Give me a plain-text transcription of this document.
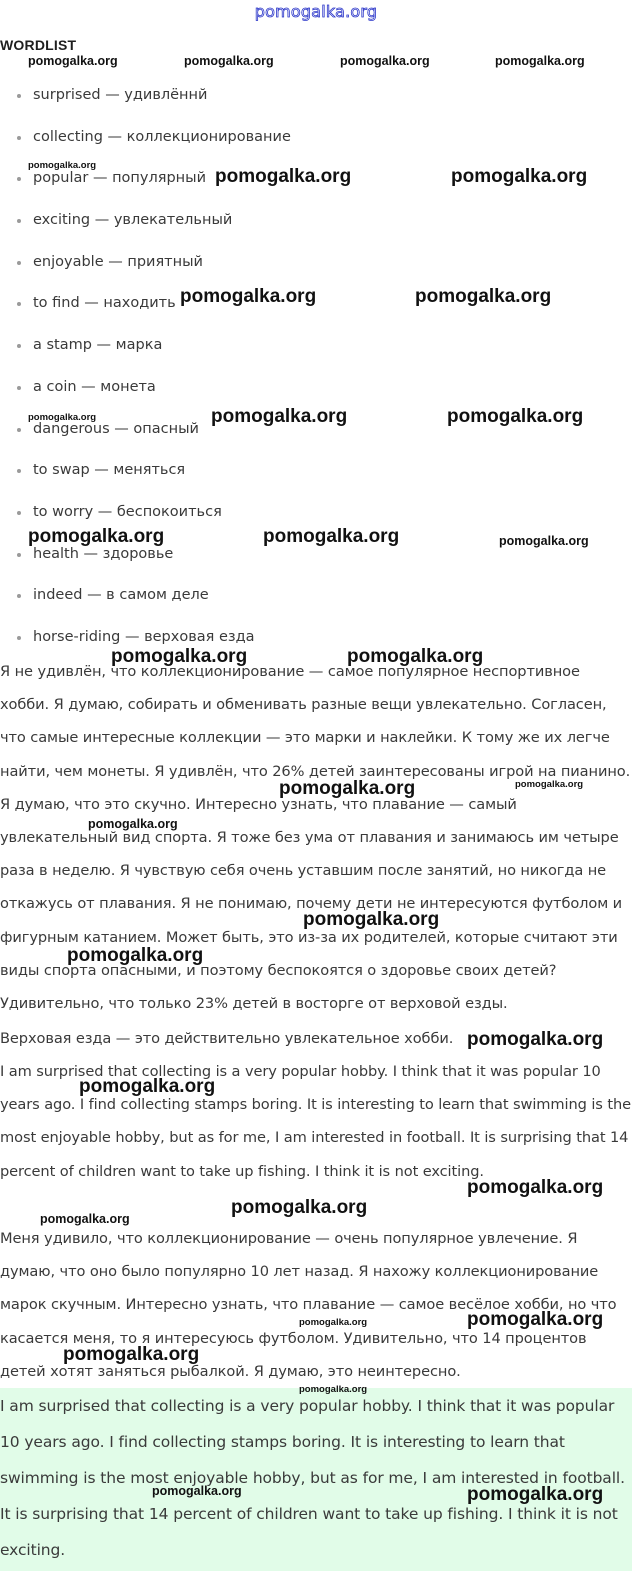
pomogalka.org
WORDLIST
surprised — удивлённй
collecting — коллекционирование
popular — популярный
exciting — увлекательный
enjoyable — приятный
to find — находить
a stamp — марка
a coin — монета
dangerous — опасный
to swap — меняться
to worry — беспокоиться
health — здоровье
indeed — в самом деле
horse-riding — верховая езда

Я не удивлён, что коллекционирование — самое популярное неспортивное хобби. Я думаю, собирать и обменивать разные вещи увлекательно. Согласен, что самые интересные коллекции — это марки и наклейки. К тому же их легче найти, чем монеты. Я удивлён, что 26% детей заинтересованы игрой на пианино. Я думаю, что это скучно. Интересно узнать, что плавание — самый увлекательный вид спорта. Я тоже без ума от плавания и занимаюсь им четыре раза в неделю. Я чувствую себя очень уставшим после занятий, но никогда не откажусь от плавания. Я не понимаю, почему дети не интересуются футболом и фигурным катанием. Может быть, это из-за их родителей, которые считают эти виды спорта опасными, и поэтому беспокоятся о здоровье своих детей? Удивительно, что только 23% детей в восторге от верховой езды.

Верховая езда — это действительно увлекательное хобби.

I am surprised that collecting is a very popular hobby. I think that it was popular 10 years ago. I find collecting stamps boring. It is interesting to learn that swimming is the most enjoyable hobby, but as for me, I am interested in football. It is surprising that 14 percent of children want to take up fishing. I think it is not exciting.

Меня удивило, что коллекционирование — очень популярное увлечение. Я думаю, что оно было популярно 10 лет назад. Я нахожу коллекционирование марок скучным. Интересно узнать, что плавание — самое весёлое хобби, но что касается меня, то я интересуюсь футболом. Удивительно, что 14 процентов детей хотят заняться рыбалкой. Я думаю, это неинтересно.

I am surprised that collecting is a very popular hobby. I think that it was popular 10 years ago. I find collecting stamps boring. It is interesting to learn that swimming is the most enjoyable hobby, but as for me, I am interested in football. It is surprising that 14 percent of children want to take up fishing. I think it is not exciting.

pomogalka.org	pomogalka.org	pomogalka.org	pomogalka.org
pomogalka.org
pomogalka.org	pomogalka.org
pomogalka.org	pomogalka.org
pomogalka.org	pomogalka.org	pomogalka.org
pomogalka.org	pomogalka.org	pomogalka.org
pomogalka.org	pomogalka.org
pomogalka.org	pomogalka.org
pomogalka.org
pomogalka.org
pomogalka.org
pomogalka.org
pomogalka.org
pomogalka.org
pomogalka.org
pomogalka.org
pomogalka.org
pomogalka.org
pomogalka.org
pomogalka.org
pomogalka.org	pomogalka.org
